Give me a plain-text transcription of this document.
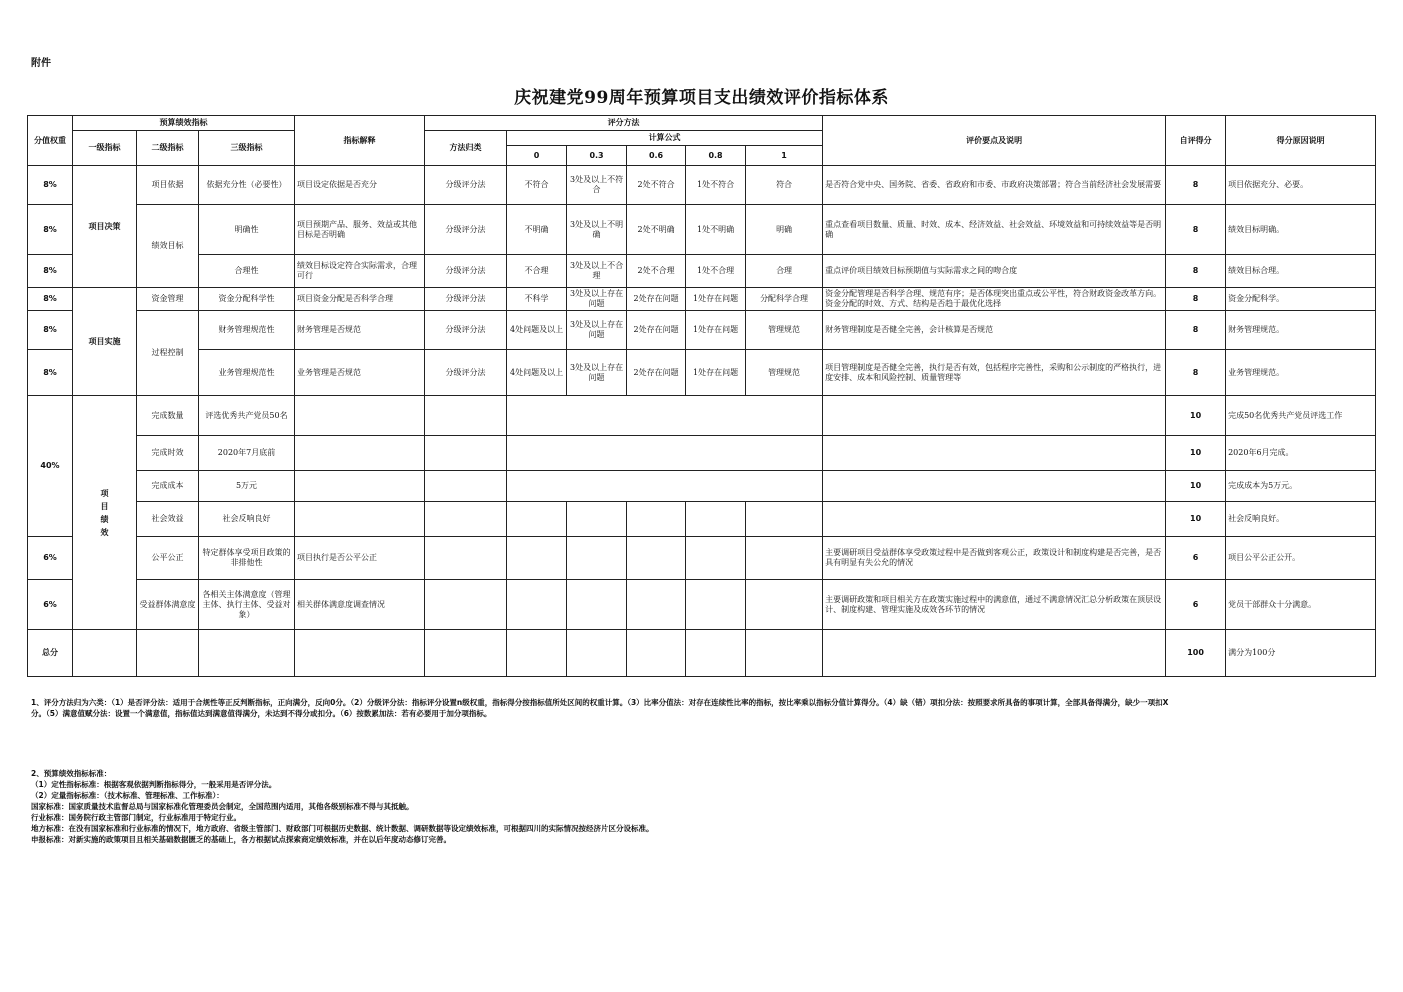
附件
庆祝建党99周年预算项目支出绩效评价指标体系
分值权重	预算绩效指标			指标解释	评分方法						评价要点及说明	自评得分	得分原因说明
	一级指标	二级指标	三级指标		方法归类	计算公式							
						0	0.3	0.6	0.8	1			
8%	项目决策	项目依据	依据充分性（必要性）	项目设定依据是否充分	分级评分法	不符合	3处及以上不符合	2处不符合	1处不符合	符合	是否符合党中央、国务院、省委、省政府和市委、市政府决策部署；符合当前经济社会发展需要	8	项目依据充分、必要。
8%		绩效目标	明确性	项目预期产品、服务、效益或其他目标是否明确	分级评分法	不明确	3处及以上不明确	2处不明确	1处不明确	明确	重点查看项目数量、质量、时效、成本、经济效益、社会效益、环境效益和可持续效益等是否明确	8	绩效目标明确。
8%			合理性	绩效目标设定符合实际需求，合理可行	分级评分法	不合理	3处及以上不合理	2处不合理	1处不合理	合理	重点评价项目绩效目标预期值与实际需求之间的吻合度	8	绩效目标合理。
8%	项目实施	资金管理	资金分配科学性	项目资金分配是否科学合理	分级评分法	不科学	3处及以上存在问题	2处存在问题	1处存在问题	分配科学合理	资金分配管理是否科学合理、规范有序；是否体现突出重点或公平性，符合财政资金改革方向。资金分配的时效、方式、结构是否趋于最优化选择	8	资金分配科学。
8%		过程控制	财务管理规范性	财务管理是否规范	分级评分法	4处问题及以上	3处及以上存在问题	2处存在问题	1处存在问题	管理规范	财务管理制度是否健全完善，会计核算是否规范	8	财务管理规范。
8%			业务管理规范性	业务管理是否规范	分级评分法	4处问题及以上	3处及以上存在问题	2处存在问题	1处存在问题	管理规范	项目管理制度是否健全完善，执行是否有效，包括程序完善性，采购和公示制度的严格执行，进度安排、成本和风险控制、质量管理等	8	业务管理规范。
40%	项目绩效	完成数量	评选优秀共产党员50名									10	完成50名优秀共产党员评选工作
		完成时效	2020年7月底前									10	2020年6月完成。
		完成成本	5万元									10	完成成本为5万元。
		社会效益	社会反响良好									10	社会反响良好。
6%		公平公正	特定群体享受项目政策的非排他性	项目执行是否公平公正							主要调研项目受益群体享受政策过程中是否做到客观公正，政策设计和制度构建是否完善，是否具有明显有失公允的情况	6	项目公平公正公开。
6%		受益群体满意度	各相关主体满意度（管理主体、执行主体、受益对象）	相关群体满意度调查情况							主要调研政策和项目相关方在政策实施过程中的满意值，通过不满意情况汇总分析政策在顶层设计、制度构建、管理实施及成效各环节的情况	6	党员干部群众十分满意。
总分												100	满分为100分
1、评分方法归为六类：（1）是否评分法：适用于合规性等正反判断指标，正向满分，反向0分。（2）分级评分法：指标评分设置n级权重，指标得分按指标值所处区间的权重计算。（3）比率分值法：对存在连续性比率的指标，按比率乘以指标分值计算得分。（4）缺（错）项扣分法：按照要求所具备的事项计算，全部具备得满分，缺少一项扣X
分。（5）满意值赋分法：设置一个满意值，指标值达到满意值得满分，未达到不得分或扣分。（6）按数累加法：若有必要用于加分项指标。
2、预算绩效指标标准：
（1）定性指标标准：根据客观依据判断指标得分，一般采用是否评分法。
（2）定量指标标准：（技术标准、管理标准、工作标准）：
国家标准：国家质量技术监督总局与国家标准化管理委员会制定，全国范围内适用，其他各级别标准不得与其抵触。
行业标准：国务院行政主管部门制定，行业标准用于特定行业。
地方标准：在没有国家标准和行业标准的情况下，地方政府、省级主管部门、财政部门可根据历史数据、统计数据、调研数据等设定绩效标准，可根据四川的实际情况按经济片区分设标准。
申报标准：对新实施的政策项目且相关基础数据匮乏的基础上，各方根据试点探索商定绩效标准，并在以后年度动态修订完善。
